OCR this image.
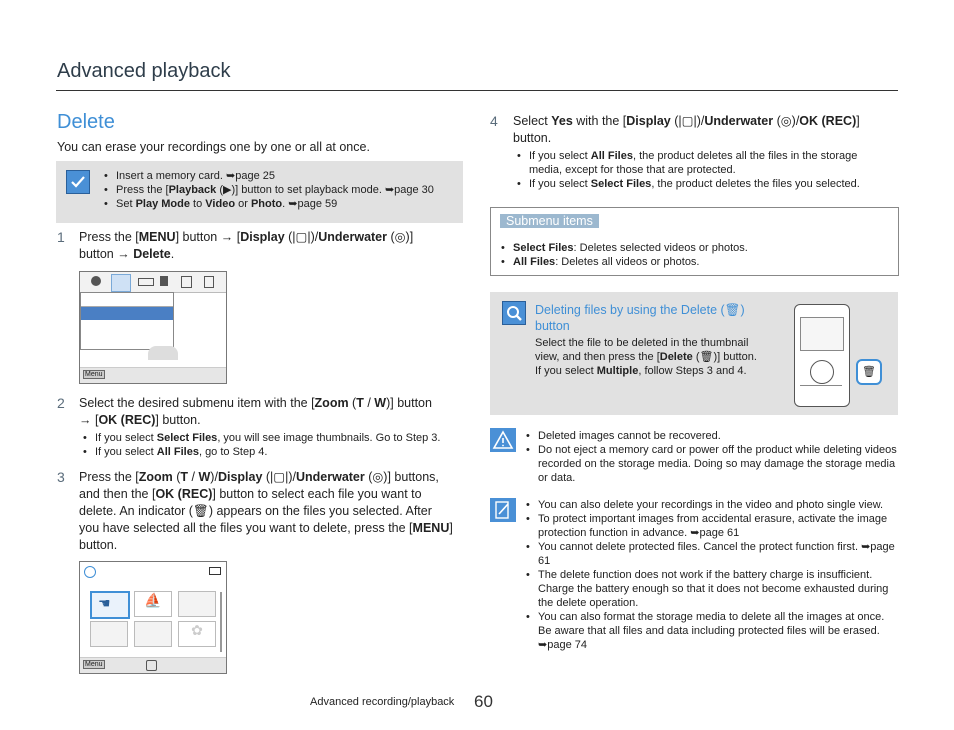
Advanced playback
Delete
You can erase your recordings one by one or all at once.
• Insert a memory card. ➥page 25
• Press the [Playback (▶)] button to set playback mode. ➥page 30
• Set Play Mode to Video or Photo. ➥page 59
1 Press the [MENU] button → [Display (|▢|)/Underwater (◎)]
button → Delete.
Menu
2 Select the desired submenu item with the [Zoom (T / W)] button
→ [OK (REC)] button.
• If you select Select Files, you will see image thumbnails. Go to Step 3.
• If you select All Files, go to Step 4.
3 Press the [Zoom (T / W)/Display (|▢|)/Underwater (◎)] buttons,
and then the [OK (REC)] button to select each file you want to
delete. An indicator (🗑) appears on the files you selected. After
you have selected all the files you want to delete, press the [MENU]
button.
☚	⛵
✿
Menu
4 Select Yes with the [Display (|▢|)/Underwater (◎)/OK (REC)]
button.
• If you select All Files, the product deletes all the files in the storage
media, except for those that are protected.
• If you select Select Files, the product deletes the files you selected.
Submenu items
• Select Files: Deletes selected videos or photos.
• All Files: Deletes all videos or photos.
Deleting files by using the Delete (🗑)
button
Select the file to be deleted in the thumbnail
view, and then press the [Delete (🗑)] button.
If you select Multiple, follow Steps 3 and 4.	🗑
• Deleted images cannot be recovered.
• Do not eject a memory card or power off the product while deleting videos recorded on the storage media. Doing so may damage the storage media or data.
• You can also delete your recordings in the video and photo single view.
• To protect important images from accidental erasure, activate the image protection function in advance. ➥page 61
• You cannot delete protected files. Cancel the protect function first. ➥page 61
• The delete function does not work if the battery charge is insufficient. Charge the battery enough so that it does not become exhausted during the delete operation.
• You can also format the storage media to delete all the images at once. Be aware that all files and data including protected files will be erased. ➥page 74
Advanced recording/playback 60
